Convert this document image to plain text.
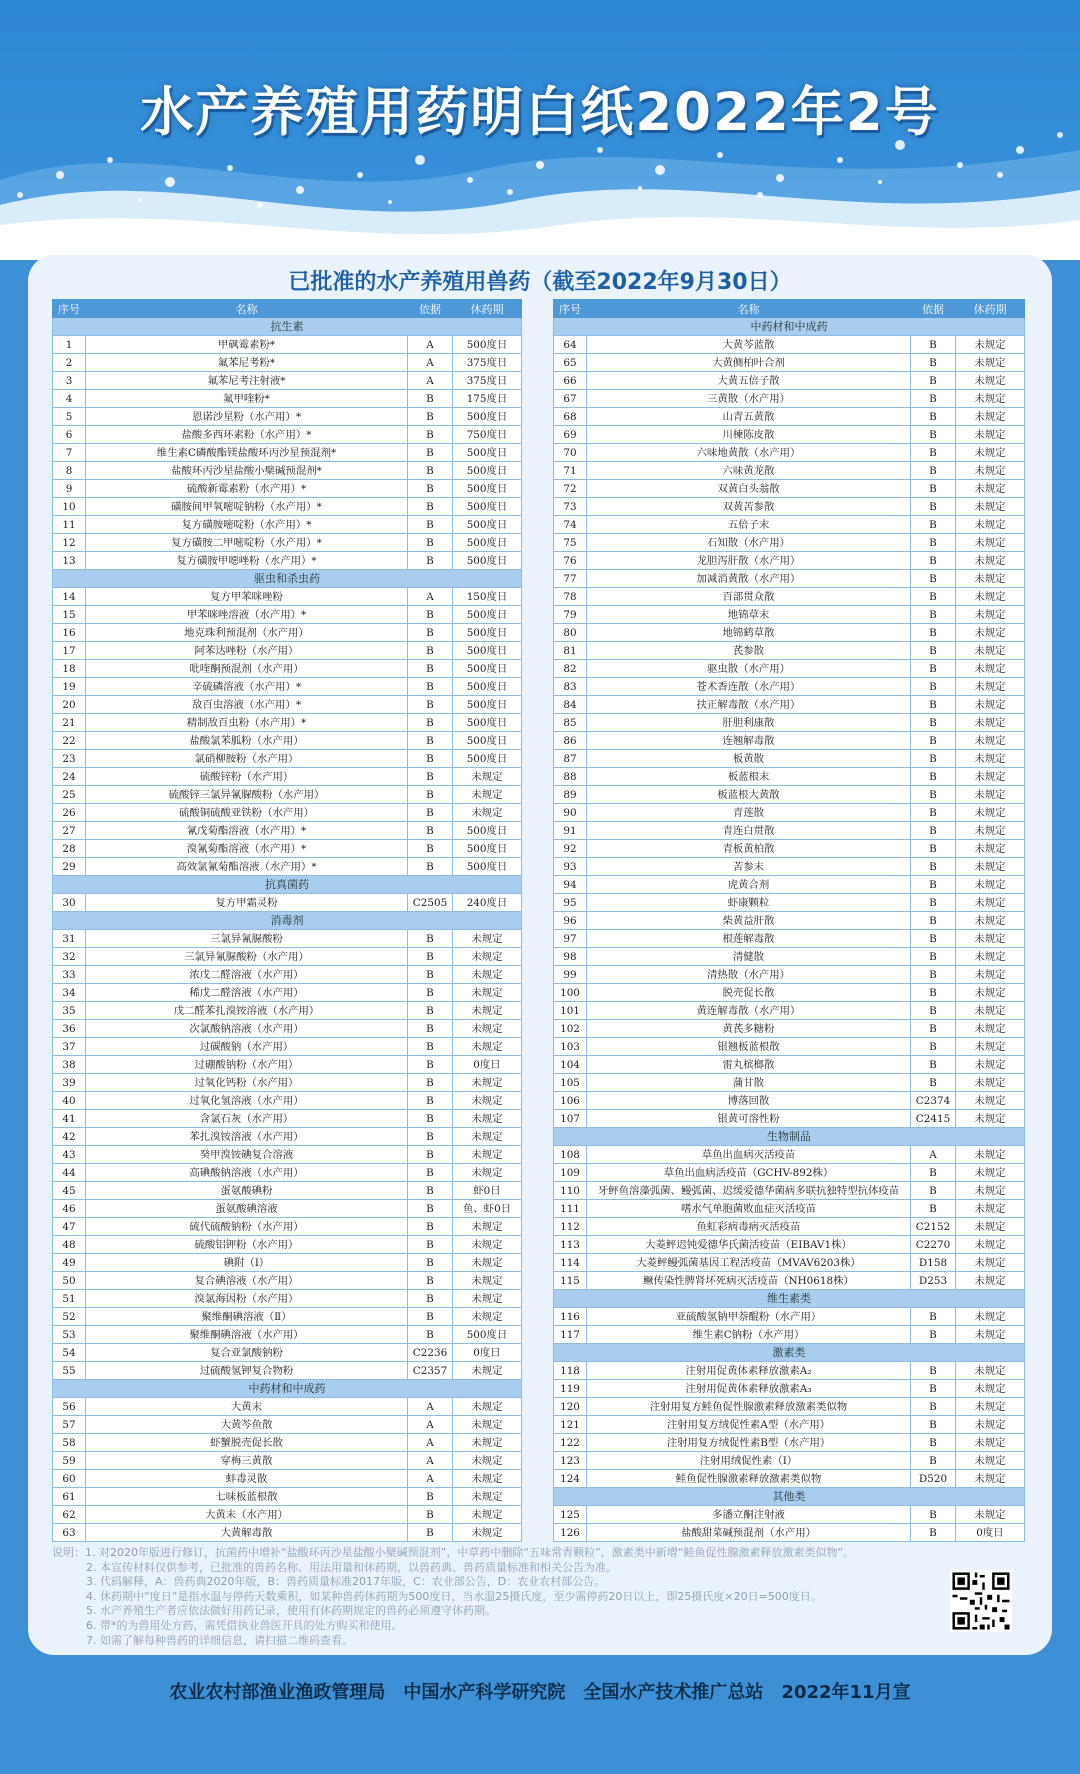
水产养殖用药明白纸2022年2号
已批准的水产养殖用兽药（截至2022年9月30日）
序号	名称	依据	休药期
抗生素			
1	甲砜霉素粉*	A	500度日
2	氟苯尼考粉*	A	375度日
3	氟苯尼考注射液*	A	375度日
4	氟甲喹粉*	B	175度日
5	恩诺沙星粉（水产用）*	B	500度日
6	盐酸多西环素粉（水产用）*	B	750度日
7	维生素C磷酸酯镁盐酸环丙沙星预混剂*	B	500度日
8	盐酸环丙沙星盐酸小檗碱预混剂*	B	500度日
9	硫酸新霉素粉（水产用）*	B	500度日
10	磺胺间甲氧嘧啶钠粉（水产用）*	B	500度日
11	复方磺胺嘧啶粉（水产用）*	B	500度日
12	复方磺胺二甲嘧啶粉（水产用）*	B	500度日
13	复方磺胺甲噁唑粉（水产用）*	B	500度日
驱虫和杀虫药			
14	复方甲苯咪唑粉	A	150度日
15	甲苯咪唑溶液（水产用）*	B	500度日
16	地克珠利预混剂（水产用）	B	500度日
17	阿苯达唑粉（水产用）	B	500度日
18	吡喹酮预混剂（水产用）	B	500度日
19	辛硫磷溶液（水产用）*	B	500度日
20	敌百虫溶液（水产用）*	B	500度日
21	精制敌百虫粉（水产用）*	B	500度日
22	盐酸氯苯胍粉（水产用）	B	500度日
23	氯硝柳胺粉（水产用）	B	500度日
24	硫酸锌粉（水产用）	B	未规定
25	硫酸锌三氯异氰脲酸粉（水产用）	B	未规定
26	硫酸铜硫酸亚铁粉（水产用）	B	未规定
27	氰戊菊酯溶液（水产用）*	B	500度日
28	溴氰菊酯溶液（水产用）*	B	500度日
29	高效氯氰菊酯溶液（水产用）*	B	500度日
抗真菌药			
30	复方甲霜灵粉	C2505	240度日
消毒剂			
31	三氯异氰脲酸粉	B	未规定
32	三氯异氰脲酸粉（水产用）	B	未规定
33	浓戊二醛溶液（水产用）	B	未规定
34	稀戊二醛溶液（水产用）	B	未规定
35	戊二醛苯扎溴铵溶液（水产用）	B	未规定
36	次氯酸钠溶液（水产用）	B	未规定
37	过碳酸钠（水产用）	B	未规定
38	过硼酸钠粉（水产用）	B	0度日
39	过氧化钙粉（水产用）	B	未规定
40	过氧化氢溶液（水产用）	B	未规定
41	含氯石灰（水产用）	B	未规定
42	苯扎溴铵溶液（水产用）	B	未规定
43	癸甲溴铵碘复合溶液	B	未规定
44	高碘酸钠溶液（水产用）	B	未规定
45	蛋氨酸碘粉	B	虾0日
46	蛋氨酸碘溶液	B	鱼、虾0日
47	硫代硫酸钠粉（水产用）	B	未规定
48	硫酸铝钾粉（水产用）	B	未规定
49	碘附（Ⅰ）	B	未规定
50	复合碘溶液（水产用）	B	未规定
51	溴氯海因粉（水产用）	B	未规定
52	聚维酮碘溶液（Ⅱ）	B	未规定
53	聚维酮碘溶液（水产用）	B	500度日
54	复合亚氯酸钠粉	C2236	0度日
55	过硫酸氢钾复合物粉	C2357	未规定
中药材和中成药			
56	大黄末	A	未规定
57	大黄芩鱼散	A	未规定
58	虾蟹脱壳促长散	A	未规定
59	穿梅三黄散	A	未规定
60	蚌毒灵散	A	未规定
61	七味板蓝根散	B	未规定
62	大黄末（水产用）	B	未规定
63	大黄解毒散	B	未规定
序号	名称	依据	休药期
中药材和中成药			
64	大黄芩蓝散	B	未规定
65	大黄侧柏叶合剂	B	未规定
66	大黄五倍子散	B	未规定
67	三黄散（水产用）	B	未规定
68	山青五黄散	B	未规定
69	川楝陈皮散	B	未规定
70	六味地黄散（水产用）	B	未规定
71	六味黄龙散	B	未规定
72	双黄白头翁散	B	未规定
73	双黄苦参散	B	未规定
74	五倍子末	B	未规定
75	石知散（水产用）	B	未规定
76	龙胆泻肝散（水产用）	B	未规定
77	加减消黄散（水产用）	B	未规定
78	百部贯众散	B	未规定
79	地锦草末	B	未规定
80	地锦鹤草散	B	未规定
81	芪参散	B	未规定
82	驱虫散（水产用）	B	未规定
83	苍术香连散（水产用）	B	未规定
84	扶正解毒散（水产用）	B	未规定
85	肝胆利康散	B	未规定
86	连翘解毒散	B	未规定
87	板黄散	B	未规定
88	板蓝根末	B	未规定
89	板蓝根大黄散	B	未规定
90	青莲散	B	未规定
91	青连白贯散	B	未规定
92	青板黄柏散	B	未规定
93	苦参末	B	未规定
94	虎黄合剂	B	未规定
95	虾康颗粒	B	未规定
96	柴黄益肝散	B	未规定
97	根莲解毒散	B	未规定
98	清健散	B	未规定
99	清热散（水产用）	B	未规定
100	脱壳促长散	B	未规定
101	黄连解毒散（水产用）	B	未规定
102	黄芪多糖粉	B	未规定
103	银翘板蓝根散	B	未规定
104	雷丸槟榔散	B	未规定
105	蒲甘散	B	未规定
106	博落回散	C2374	未规定
107	银黄可溶性粉	C2415	未规定
生物制品			
108	草鱼出血病灭活疫苗	A	未规定
109	草鱼出血病活疫苗（GCHV-892株）	B	未规定
110	牙鲆鱼溶藻弧菌、鳗弧菌、迟缓爱德华菌病多联抗独特型抗体疫苗	B	未规定
111	嗜水气单胞菌败血症灭活疫苗	B	未规定
112	鱼虹彩病毒病灭活疫苗	C2152	未规定
113	大菱鲆迟钝爱德华氏菌活疫苗（EIBAV1株）	C2270	未规定
114	大菱鲆鳗弧菌基因工程活疫苗（MVAV6203株）	D158	未规定
115	鳜传染性脾肾坏死病灭活疫苗（NH0618株）	D253	未规定
维生素类			
116	亚硫酸氢钠甲萘醌粉（水产用）	B	未规定
117	维生素C钠粉（水产用）	B	未规定
激素类			
118	注射用促黄体素释放激素A₂	B	未规定
119	注射用促黄体素释放激素A₃	B	未规定
120	注射用复方鲑鱼促性腺激素释放激素类似物	B	未规定
121	注射用复方绒促性素A型（水产用）	B	未规定
122	注射用复方绒促性素B型（水产用）	B	未规定
123	注射用绒促性素（Ⅰ）	B	未规定
124	鲑鱼促性腺激素释放激素类似物	D520	未规定
其他类			
125	多潘立酮注射液	B	未规定
126	盐酸甜菜碱预混剂（水产用）	B	0度日
说明：1. 对2020年版进行修订，抗菌药中增补“盐酸环丙沙星盐酸小檗碱预混剂”，中草药中删除“五味常青颗粒”，激素类中新增“鲑鱼促性腺激素释放激素类似物”。
2. 本宣传材料仅供参考，已批准的兽药名称、用法用量和休药期，以兽药典、兽药质量标准和相关公告为准。
3. 代码解释，A：兽药典2020年版，B：兽药质量标准2017年版，C：农业部公告，D：农业农村部公告。
4. 休药期中“度日”是指水温与停药天数乘积，如某种兽药休药期为500度日，当水温25摄氏度，至少需停药20日以上，即25摄氏度×20日=500度日。
5. 水产养殖生产者应依法做好用药记录，使用有休药期规定的兽药必须遵守休药期。
6. 带*的为兽用处方药，需凭借执业兽医开具的处方购买和使用。
7. 如需了解每种兽药的详细信息，请扫描二维码查看。
农业农村部渔业渔政管理局　中国水产科学研究院　全国水产技术推广总站　2022年11月宣
